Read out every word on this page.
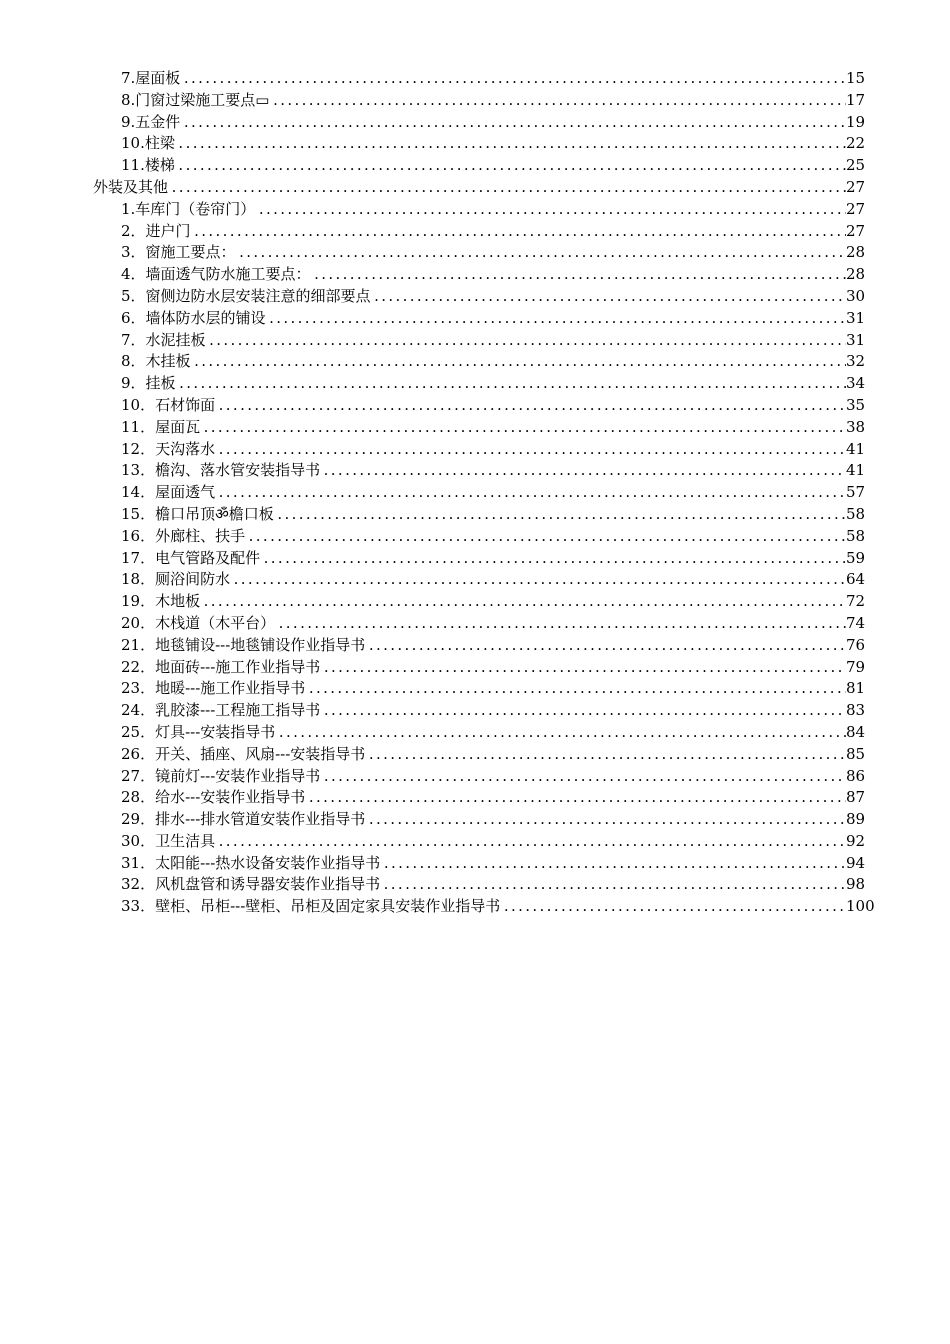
7.屋面板 . . .	15
8.门窗过梁施工要点▭ . . .	17
9.五金件 . . .	19
10.柱梁 . . .	22
11.楼梯 . . .	25
外装及其他 . . .	27
1.车库门（卷帘门） . . .	27
2．进户门 . . .	27
3．窗施工要点： . . .	28
4．墙面透气防水施工要点： . . .	28
5．窗侧边防水层安装注意的细部要点 . . .	30
6．墙体防水层的铺设 . . .	31
7．水泥挂板 . . .	31
8．木挂板 . . .	32
9．挂板 . . .	34
10．石材饰面 . . .	35
11．屋面瓦 . . .	38
12．天沟落水 . . .	41
13．檐沟、落水管安装指导书 . . .	41
14．屋面透气 . . .	57
15．檐口吊顶ॐ檐口板 . . .	58
16．外廊柱、扶手 . . .	58
17．电气管路及配件 . . .	59
18．厕浴间防水 . . .	64
19．木地板 . . .	72
20．木栈道（木平台） . . .	74
21．地毯铺设---地毯铺设作业指导书 . . .	76
22．地面砖---施工作业指导书 . . .	79
23．地暖---施工作业指导书 . . .	81
24．乳胶漆---工程施工指导书 . . .	83
25．灯具---安装指导书 . . .	84
26．开关、插座、风扇---安装指导书 . . .	85
27．镜前灯---安装作业指导书 . . .	86
28．给水---安装作业指导书 . . .	87
29．排水---排水管道安装作业指导书 . . .	89
30．卫生洁具 . . .	92
31．太阳能---热水设备安装作业指导书 . . .	94
32．风机盘管和诱导器安装作业指导书 . . .	98
33．壁柜、吊柜---壁柜、吊柜及固定家具安装作业指导书 . . .	100
